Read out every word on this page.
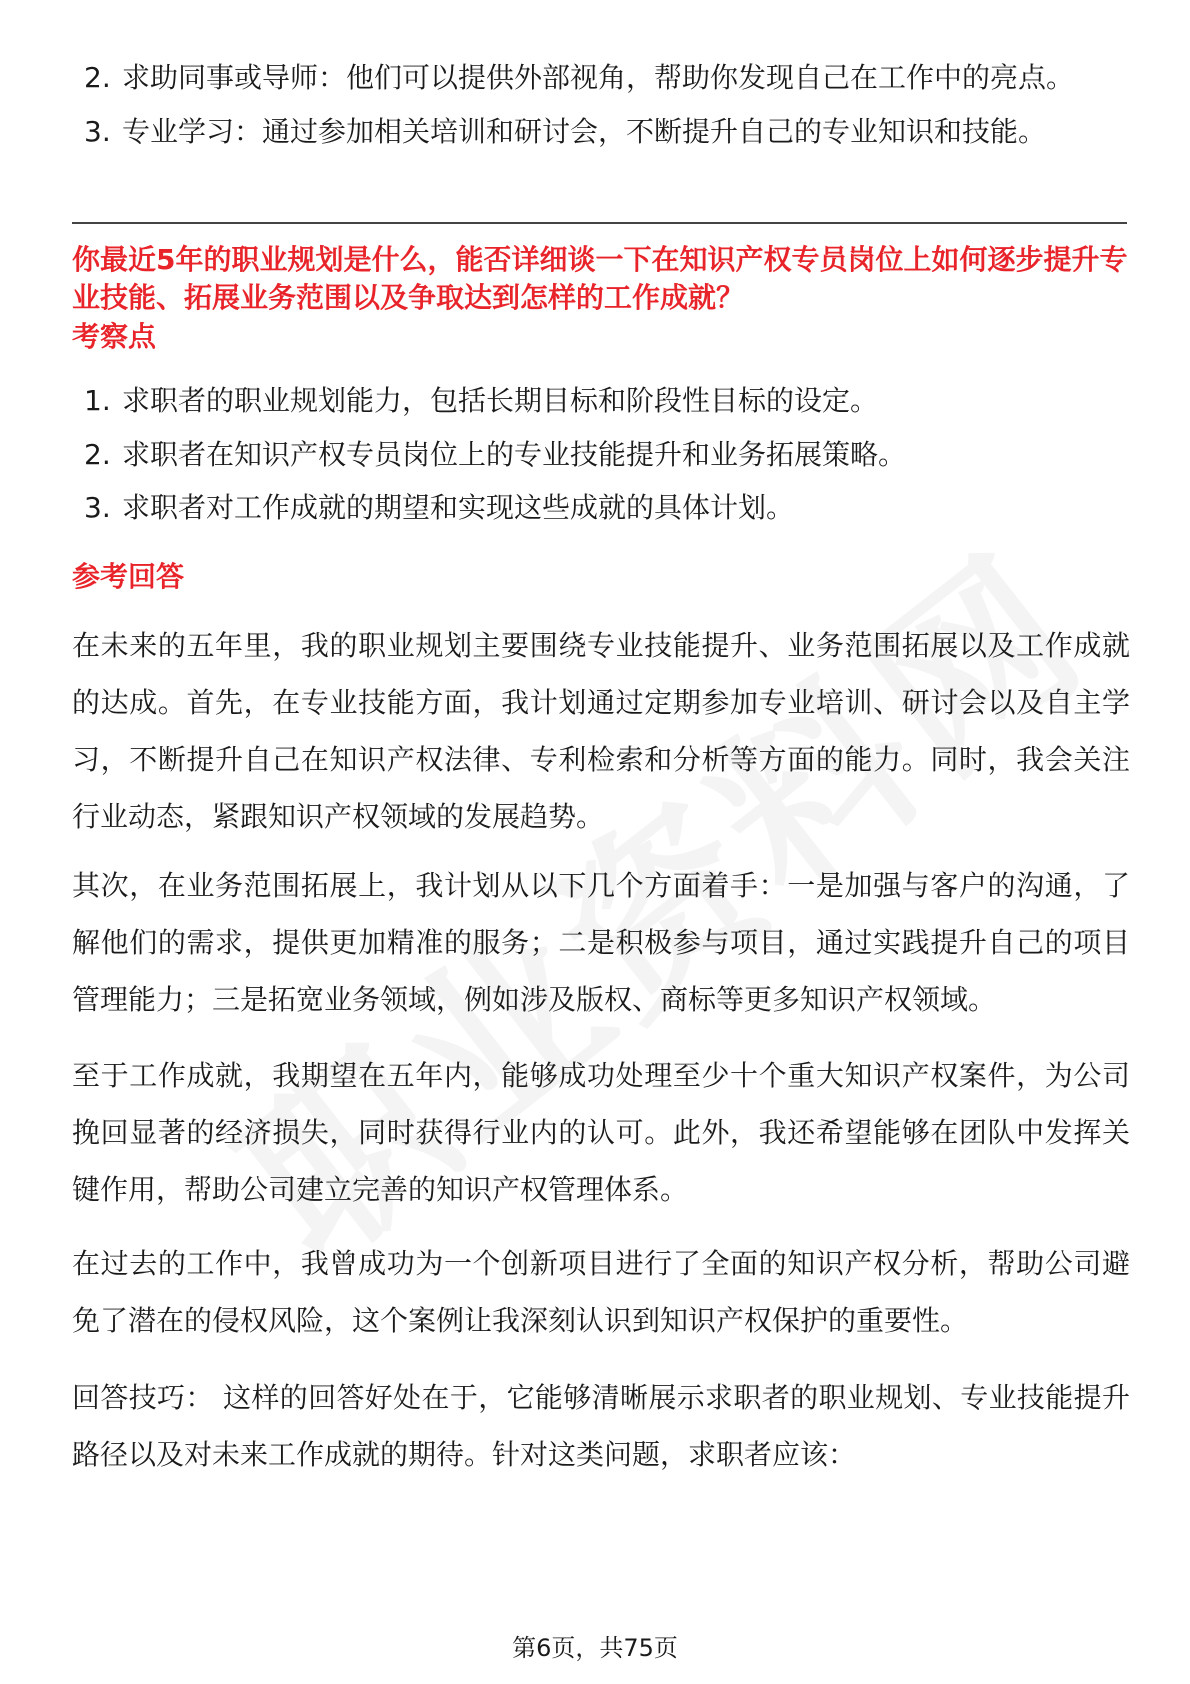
2. 求助同事或导师：他们可以提供外部视角，帮助你发现自己在工作中的亮点。
3. 专业学习：通过参加相关培训和研讨会，不断提升自己的专业知识和技能。

你最近5年的职业规划是什么，能否详细谈一下在知识产权专员岗位上如何逐步提升专业技能、拓展业务范围以及争取达到怎样的工作成就？

考察点

1. 求职者的职业规划能力，包括长期目标和阶段性目标的设定。
2. 求职者在知识产权专员岗位上的专业技能提升和业务拓展策略。
3. 求职者对工作成就的期望和实现这些成就的具体计划。

参考回答

在未来的五年里，我的职业规划主要围绕专业技能提升、业务范围拓展以及工作成就的达成。首先，在专业技能方面，我计划通过定期参加专业培训、研讨会以及自主学习，不断提升自己在知识产权法律、专利检索和分析等方面的能力。同时，我会关注行业动态，紧跟知识产权领域的发展趋势。

其次，在业务范围拓展上，我计划从以下几个方面着手：一是加强与客户的沟通，了解他们的需求，提供更加精准的服务；二是积极参与项目，通过实践提升自己的项目管理能力；三是拓宽业务领域，例如涉及版权、商标等更多知识产权领域。

至于工作成就，我期望在五年内，能够成功处理至少十个重大知识产权案件，为公司挽回显著的经济损失，同时获得行业内的认可。此外，我还希望能够在团队中发挥关键作用，帮助公司建立完善的知识产权管理体系。

在过去的工作中，我曾成功为一个创新项目进行了全面的知识产权分析，帮助公司避免了潜在的侵权风险，这个案例让我深刻认识到知识产权保护的重要性。

回答技巧： 这样的回答好处在于，它能够清晰展示求职者的职业规划、专业技能提升路径以及对未来工作成就的期待。针对这类问题，求职者应该：

第6页，共75页
